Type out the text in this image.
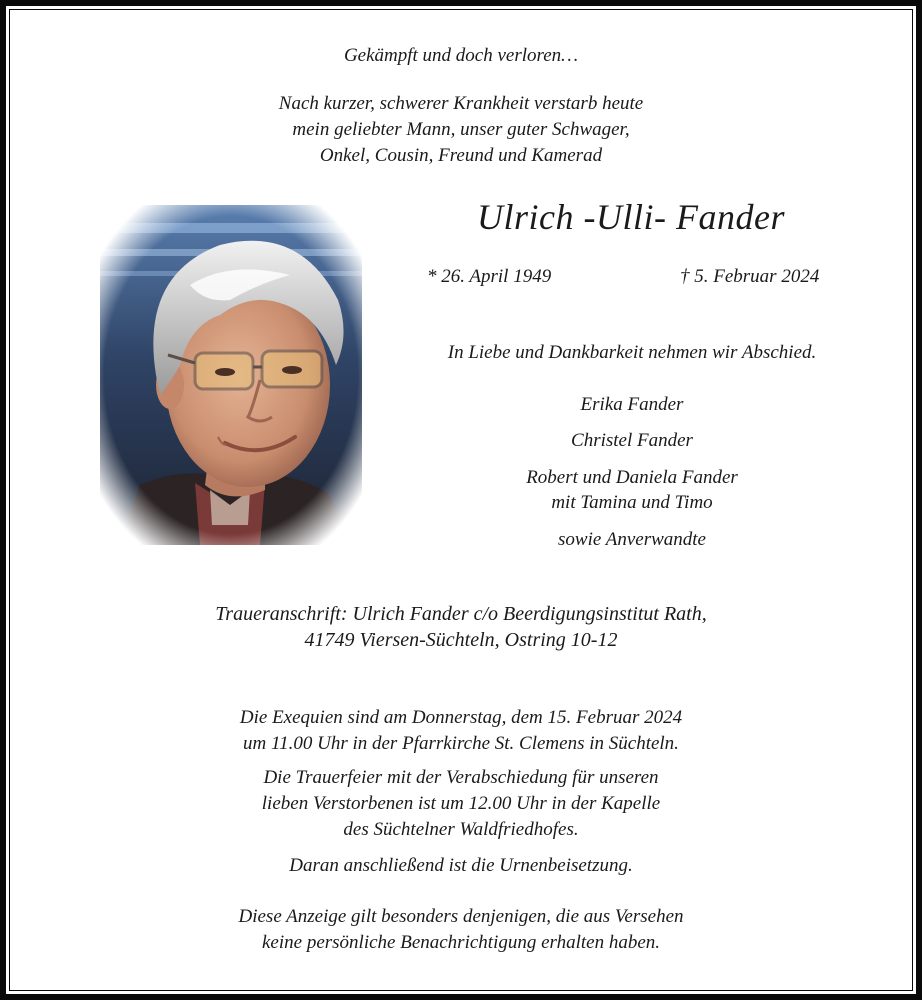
Gekämpft und doch verloren…
Nach kurzer, schwerer Krankheit verstarb heute
mein geliebter Mann, unser guter Schwager,
Onkel, Cousin, Freund und Kamerad
Ulrich -Ulli- Fander
* 26. April 1949	† 5. Februar 2024
In Liebe und Dankbarkeit nehmen wir Abschied.
Erika Fander
Christel Fander
Robert und Daniela Fander
mit Tamina und Timo
sowie Anverwandte
Traueranschrift: Ulrich Fander c/o Beerdigungsinstitut Rath,
41749 Viersen-Süchteln, Ostring 10-12
Die Exequien sind am Donnerstag, dem 15. Februar 2024
um 11.00 Uhr in der Pfarrkirche St. Clemens in Süchteln.
Die Trauerfeier mit der Verabschiedung für unseren
lieben Verstorbenen ist um 12.00 Uhr in der Kapelle
des Süchtelner Waldfriedhofes.
Daran anschließend ist die Urnenbeisetzung.
Diese Anzeige gilt besonders denjenigen, die aus Versehen
keine persönliche Benachrichtigung erhalten haben.
